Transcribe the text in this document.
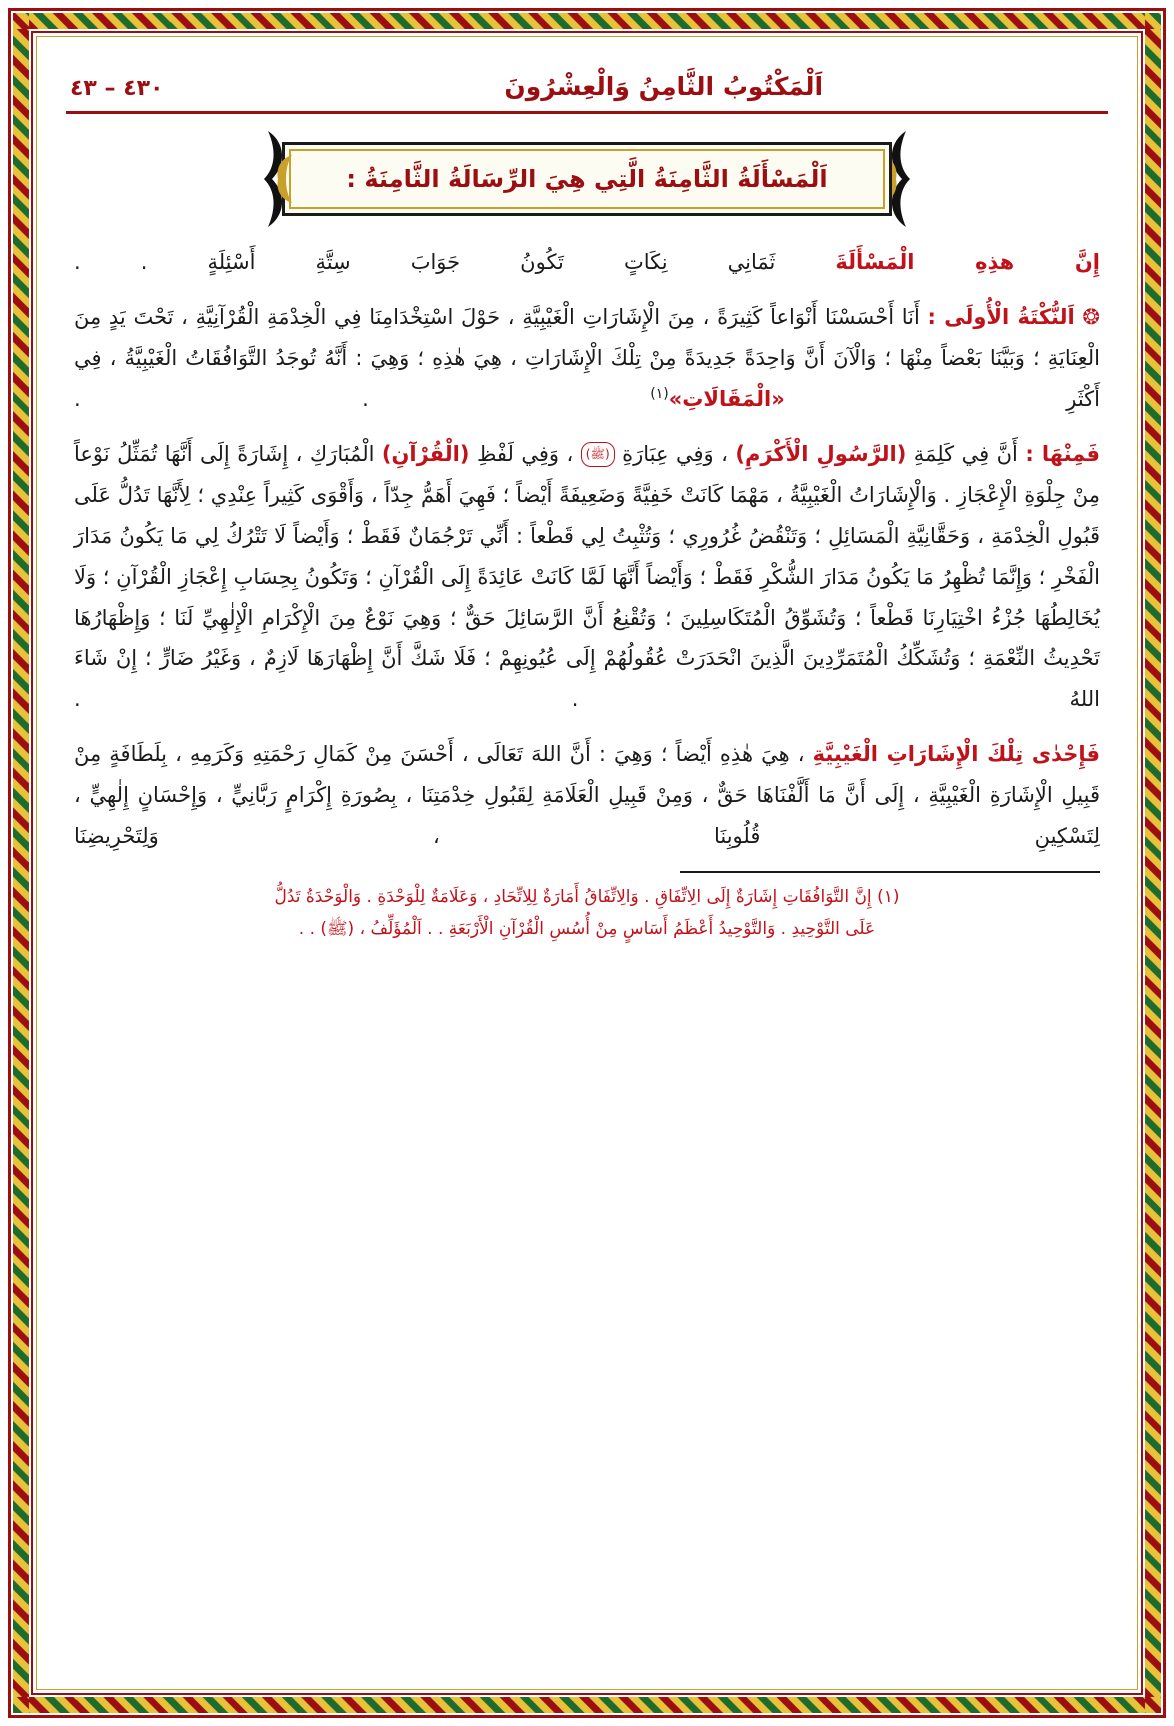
اَلْمَكْتُوبُ الثَّامِنُ وَالْعِشْرُونَ
٤٣٠ – ٤٣
اَلْمَسْأَلَةُ الثَّامِنَةُ الَّتِي هِيَ الرِّسَالَةُ الثَّامِنَةُ :

إِنَّ هذِهِ الْمَسْأَلَةَ ثَمَانِي نِكَاتٍ تَكُونُ جَوَابَ سِتَّةِ أَسْئِلَةٍ . .

❂ اَلنُّكْتَةُ الْأُولَى : أَنَا أَحْسَسْنَا أَنْوَاعاً كَثِيرَةً ، مِنَ الْإِشَارَاتِ الْغَيْبِيَّةِ ، حَوْلَ اسْتِخْدَامِنَا فِي الْخِدْمَةِ الْقُرْآنِيَّةِ ، تَحْتَ يَدٍ مِنَ الْعِنَايَةِ ؛ وَبَيَّنَا بَعْضاً مِنْهَا ؛ وَالْآنَ أَنَّ وَاحِدَةً جَدِيدَةً مِنْ تِلْكَ الْإِشَارَاتِ ، هِيَ هٰذِهِ ؛ وَهِيَ : أَنَّهُ تُوجَدُ التَّوَافُقَاتُ الْغَيْبِيَّةُ ، فِي أَكْثَرِ «الْمَقَالَاتِ»$^{(١)}$ . .

فَمِنْهَا : أَنَّ فِي كَلِمَةِ (الرَّسُولِ الْأَكْرَمِ) ، وَفِي عِبَارَةِ (ﷺ) ، وَفِي لَفْظِ (الْقُرْآنِ) الْمُبَارَكِ ، إِشَارَةً إِلَى أَنَّهَا تُمَثِّلُ نَوْعاً مِنْ جِلْوَةِ الْإِعْجَازِ . وَالْإِشَارَاتُ الْغَيْبِيَّةُ ، مَهْمَا كَانَتْ خَفِيَّةً وَضَعِيفَةً أَيْضاً ؛ فَهِيَ أَهَمُّ جِدّاً ، وَأَقْوَى كَثِيراً عِنْدِي ؛ لِأَنَّهَا تَدُلُّ عَلَى قَبُولِ الْخِدْمَةِ ، وَحَقَّانِيَّةِ الْمَسَائِلِ ؛ وَتَنْقُضُ غُرُورِي ؛ وَتُثْبِتُ لِي قَطْعاً : أَنِّي تَرْجُمَانٌ فَقَطْ ؛ وَأَيْضاً لَا تَتْرُكُ لِي مَا يَكُونُ مَدَارَ الْفَخْرِ ؛ وَإِنَّمَا تُظْهِرُ مَا يَكُونُ مَدَارَ الشُّكْرِ فَقَطْ ؛ وَأَيْضاً أَنَّهَا لَمَّا كَانَتْ عَائِدَةً إِلَى الْقُرْآنِ ؛ وَتَكُونُ بِحِسَابِ إِعْجَازِ الْقُرْآنِ ؛ وَلَا يُخَالِطُهَا جُزْءُ اخْتِيَارِنَا قَطْعاً ؛ وَتُشَوِّقُ الْمُتَكَاسِلِينَ ؛ وَتُقْنِعُ أَنَّ الرَّسَائِلَ حَقٌّ ؛ وَهِيَ نَوْعٌ مِنَ الْإِكْرَامِ الْإِلٰهِيِّ لَنَا ؛ وَإِظْهَارُهَا تَحْدِيثُ النِّعْمَةِ ؛ وَتُشَكِّكُ الْمُتَمَرِّدِينَ الَّذِينَ انْحَدَرَتْ عُقُولُهُمْ إِلَى عُيُونِهِمْ ؛ فَلَا شَكَّ أَنَّ إِظْهَارَهَا لَازِمٌ ، وَغَيْرُ ضَارٍّ ؛ إِنْ شَاءَ اللهُ . .

فَإِحْدٰى تِلْكَ الْإِشَارَاتِ الْغَيْبِيَّةِ ، هِيَ هٰذِهِ أَيْضاً ؛ وَهِيَ : أَنَّ اللهَ تَعَالَى ، أَحْسَنَ مِنْ كَمَالِ رَحْمَتِهِ وَكَرَمِهِ ، بِلَطَافَةٍ مِنْ قَبِيلِ الْإِشَارَةِ الْغَيْبِيَّةِ ، إِلَى أَنَّ مَا أَلَّفْنَاهَا حَقٌّ ، وَمِنْ قَبِيلِ الْعَلَامَةِ لِقَبُولِ خِدْمَتِنَا ، بِصُورَةِ إِكْرَامٍ رَبَّانِيٍّ ، وَإِحْسَانٍ إِلٰهِيٍّ ، لِتَسْكِينِ قُلُوبِنَا ، وَلِتَحْرِيضِنَا

(١) إِنَّ التَّوَافُقَاتِ إِشَارَةٌ إِلَى الِاتِّفَاقِ . وَالِاتِّفَاقُ أَمَارَةٌ لِلِاتِّحَادِ ، وَعَلَامَةٌ لِلْوَحْدَةِ . وَالْوَحْدَةُ تَدُلُّ
عَلَى التَّوْحِيدِ . وَالتَّوْحِيدُ أَعْظَمُ أَسَاسٍ مِنْ أُسُسِ الْقُرْآنِ الْأَرْبَعَةِ . . اَلْمُؤَلِّفُ ، (ﷺ) . .
